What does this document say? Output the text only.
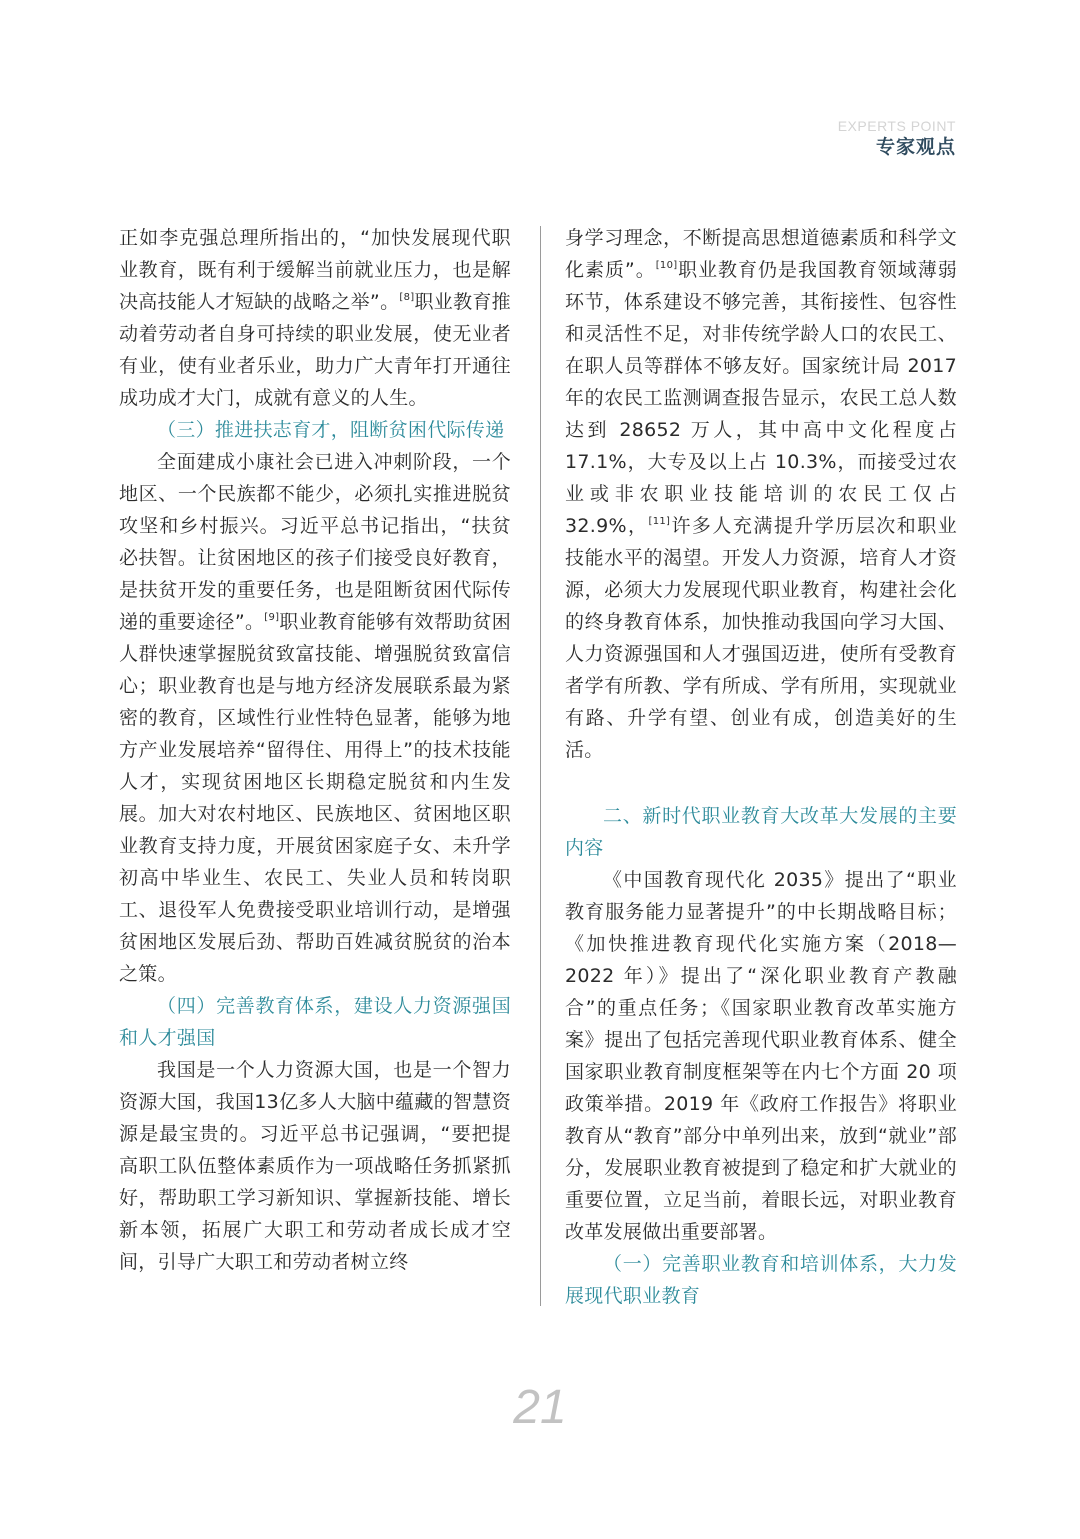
EXPERTS POINT
专家观点

正如李克强总理所指出的，“加快发展现代职业教育，既有利于缓解当前就业压力，也是解决高技能人才短缺的战略之举”。[8]职业教育推动着劳动者自身可持续的职业发展，使无业者有业，使有业者乐业，助力广大青年打开通往成功成才大门，成就有意义的人生。

（三）推进扶志育才，阻断贫困代际传递

全面建成小康社会已进入冲刺阶段，一个地区、一个民族都不能少，必须扎实推进脱贫攻坚和乡村振兴。习近平总书记指出，“扶贫必扶智。让贫困地区的孩子们接受良好教育，是扶贫开发的重要任务，也是阻断贫困代际传递的重要途径”。[9]职业教育能够有效帮助贫困人群快速掌握脱贫致富技能、增强脱贫致富信心；职业教育也是与地方经济发展联系最为紧密的教育，区域性行业性特色显著，能够为地方产业发展培养“留得住、用得上”的技术技能人才，实现贫困地区长期稳定脱贫和内生发展。加大对农村地区、民族地区、贫困地区职业教育支持力度，开展贫困家庭子女、未升学初高中毕业生、农民工、失业人员和转岗职工、退役军人免费接受职业培训行动，是增强贫困地区发展后劲、帮助百姓减贫脱贫的治本之策。

（四）完善教育体系，建设人力资源强国和人才强国

我国是一个人力资源大国，也是一个智力资源大国，我国13亿多人大脑中蕴藏的智慧资源是最宝贵的。习近平总书记强调，“要把提高职工队伍整体素质作为一项战略任务抓紧抓好，帮助职工学习新知识、掌握新技能、增长新本领，拓展广大职工和劳动者成长成才空间，引导广大职工和劳动者树立终

身学习理念，不断提高思想道德素质和科学文化素质”。[10]职业教育仍是我国教育领域薄弱环节，体系建设不够完善，其衔接性、包容性和灵活性不足，对非传统学龄人口的农民工、在职人员等群体不够友好。国家统计局 2017 年的农民工监测调查报告显示，农民工总人数达到 28652 万人，其中高中文化程度占 17.1%，大专及以上占 10.3%，而接受过农业或非农职业技能培训的农民工仅占 32.9%，[11]许多人充满提升学历层次和职业技能水平的渴望。开发人力资源，培育人才资源，必须大力发展现代职业教育，构建社会化的终身教育体系，加快推动我国向学习大国、人力资源强国和人才强国迈进，使所有受教育者学有所教、学有所成、学有所用，实现就业有路、升学有望、创业有成，创造美好的生活。

二、新时代职业教育大改革大发展的主要内容

《中国教育现代化 2035》提出了“职业教育服务能力显著提升”的中长期战略目标；《加快推进教育现代化实施方案（2018—2022 年）》提出了“深化职业教育产教融合”的重点任务；《国家职业教育改革实施方案》提出了包括完善现代职业教育体系、健全国家职业教育制度框架等在内七个方面 20 项政策举措。2019 年《政府工作报告》将职业教育从“教育”部分中单列出来，放到“就业”部分，发展职业教育被提到了稳定和扩大就业的重要位置，立足当前，着眼长远，对职业教育改革发展做出重要部署。

（一）完善职业教育和培训体系，大力发展现代职业教育

21
